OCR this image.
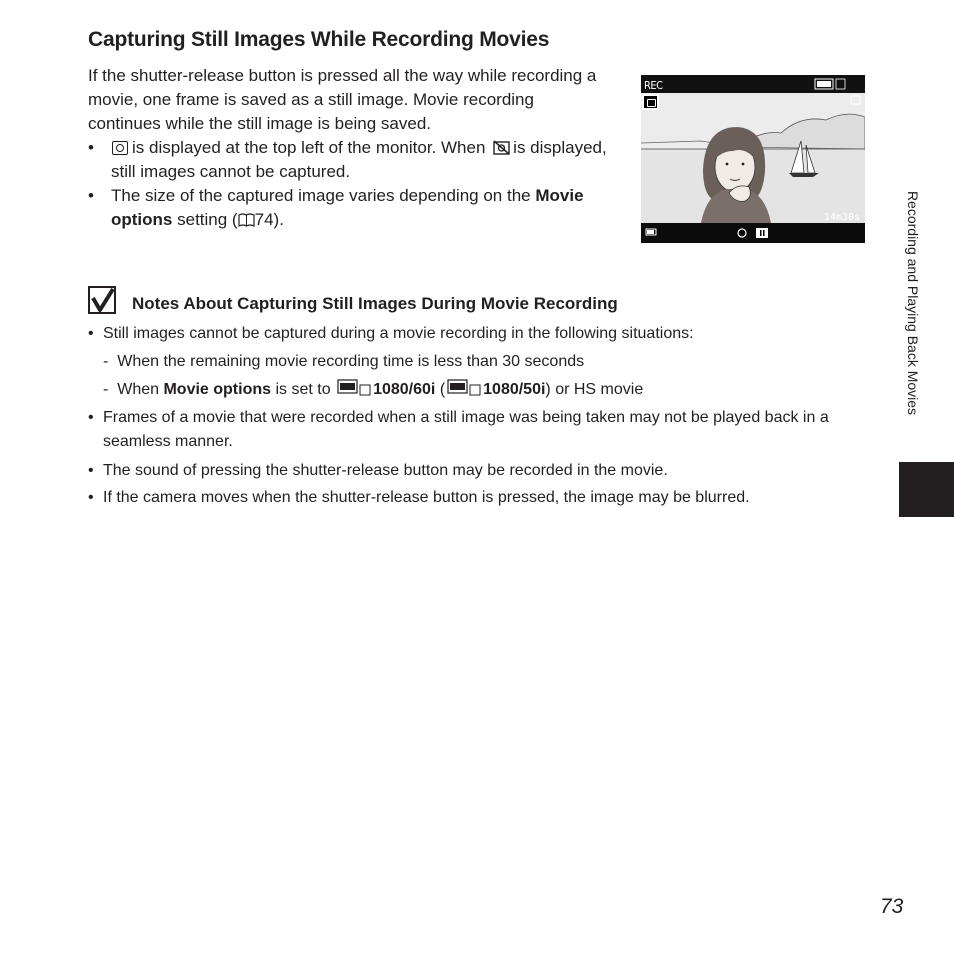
Capturing Still Images While Recording Movies

If the shutter-release button is pressed all the way while recording a movie, one frame is saved as a still image. Movie recording continues while the still image is being saved.

• is displayed at the top left of the monitor. When is displayed, still images cannot be captured.

• The size of the captured image varies depending on the Movie options setting ( 74).

REC
14m30s
Notes About Capturing Still Images During Movie Recording
• Still images cannot be captured during a movie recording in the following situations:
-  When the remaining movie recording time is less than 30 seconds
-  When Movie options is set to	1080/60i ( 1080/50i) or HS movie
• Frames of a movie that were recorded when a still image was being taken may not be played back in a seamless manner.
• The sound of pressing the shutter-release button may be recorded in the movie.
• If the camera moves when the shutter-release button is pressed, the image may be blurred.
Recording and Playing Back Movies
73
